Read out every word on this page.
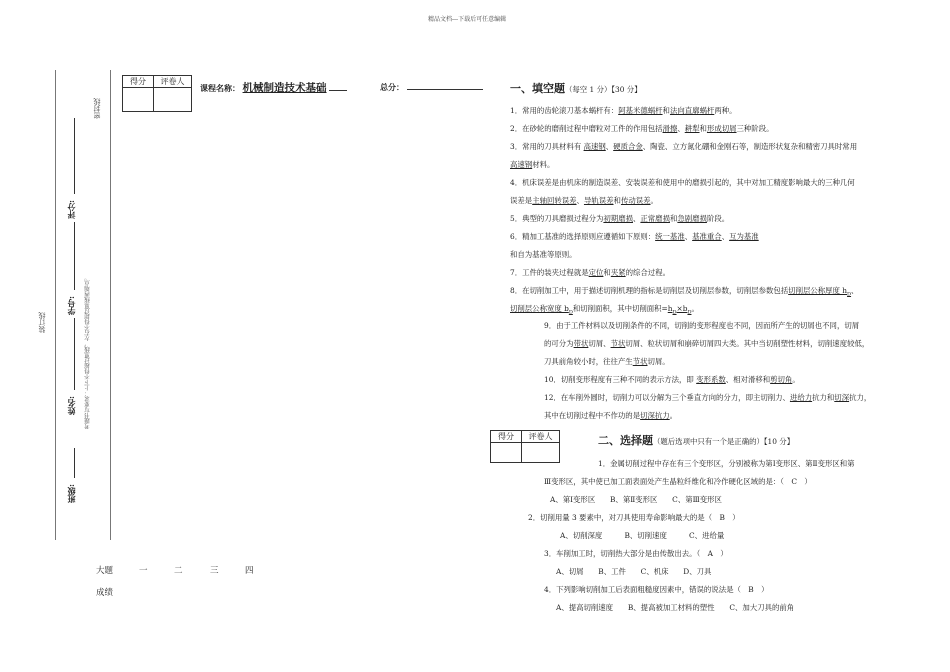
精品文档---下载后可任意编辑
装订线
密封线
考题书写要求：上下不得超过黑线，左右不得超过黑线两端点。
班级:
姓名:
学号:
评分:
得分	评卷人

课程名称： 机械制造技术基础	总分：
大题	一	二	三	四
成绩
一、填空题（每空 1 分）【30 分】
1．常用的齿轮滚刀基本蜗杆有：阿基米德蜗杆和法向直廓蜗杆两种。
2．在砂轮的磨削过程中磨粒对工件的作用包括滑擦、耕犁和形成切屑三种阶段。
3．常用的刀具材料有 高速钢、硬质合金、陶瓷、立方氮化硼和金刚石等，制造形状复杂和精密刀具时常用
高速钢材料。
4．机床误差是由机床的制造误差、安装误差和使用中的磨损引起的，其中对加工精度影响最大的三种几何
误差是主轴回转误差、导轨误差和传动误差。
5．典型的刀具磨损过程分为初期磨损、正常磨损和急剧磨损阶段。
6．精加工基准的选择原则应遵循如下原则：统一基准、基准重合、互为基准
和自为基准等原则。
7．工件的装夹过程就是定位和夹紧的综合过程。
8．在切削加工中，用于描述切削机理的指标是切削层及切削层参数，切削层参数包括切削层公称厚度 $h_D$、
切削层公称宽度 $b_D$和切削面积，其中切削面积$=h_D\times b_D$。
9．由于工件材料以及切削条件的不同，切削的变形程度也不同，因而所产生的切屑也不同，切屑
的可分为带状切屑、节状切屑、粒状切屑和崩碎切屑四大类。其中当切削塑性材料，切削速度较低，
刀具前角较小时，往往产生节状切屑。
10．切削变形程度有三种不同的表示方法，即 变形系数、相对滑移和剪切角。
12．在车削外圆时，切削力可以分解为三个垂直方向的分力，即主切削力、进给力抗力和切深抗力，
其中在切削过程中不作功的是切深抗力。
得分	评卷人
		二、选择题（题后选项中只有一个是正确的）【10 分】
1．金属切削过程中存在有三个变形区，分别被称为第Ⅰ变形区、第Ⅱ变形区和第
Ⅲ变形区，其中使已加工面表面处产生晶粒纤维化和冷作硬化区域的是：（　C　）
A、第Ⅰ变形区　　B、第Ⅱ变形区　　C、第Ⅲ变形区
2．切削用量 3 要素中，对刀具使用寿命影响最大的是（　B　）
A、切削深度　　　B、切削速度　　　C、进给量
3．车削加工时，切削热大部分是由传散出去。（　A　）
A、切屑　　B、工件　　C、机床　　D、刀具
4．下列影响切削加工后表面粗糙度因素中，错误的说法是（　B　）
A、提高切削速度　　B、提高被加工材料的塑性　　C、加大刀具的前角
